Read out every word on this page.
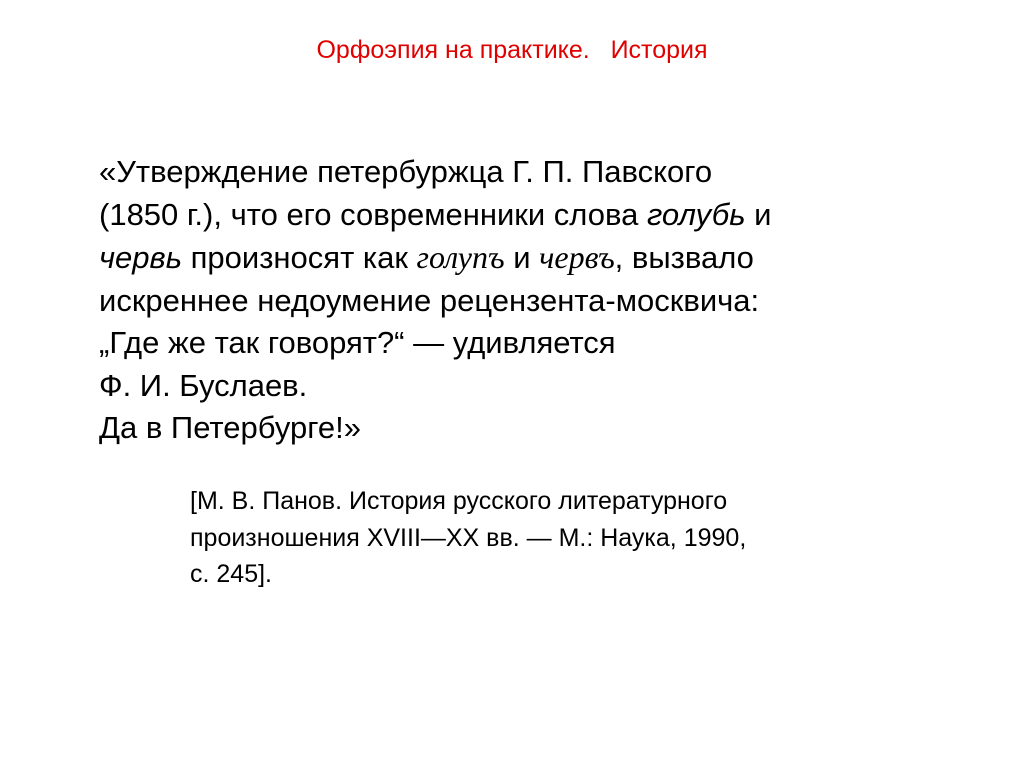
Орфоэпия на практике.   История
«Утверждение петербуржца Г. П. Павского
(1850 г.), что его современники слова голубь и
червь произносят как голупъ и червъ, вызвало
искреннее недоумение рецензента-москвича:
„Где же так говорят?“ — удивляется
Ф. И. Буслаев.
Да в Петербурге!»
[М. В. Панов. История русского литературного
произношения XVIII—XX вв. — М.: Наука, 1990,
с. 245].
